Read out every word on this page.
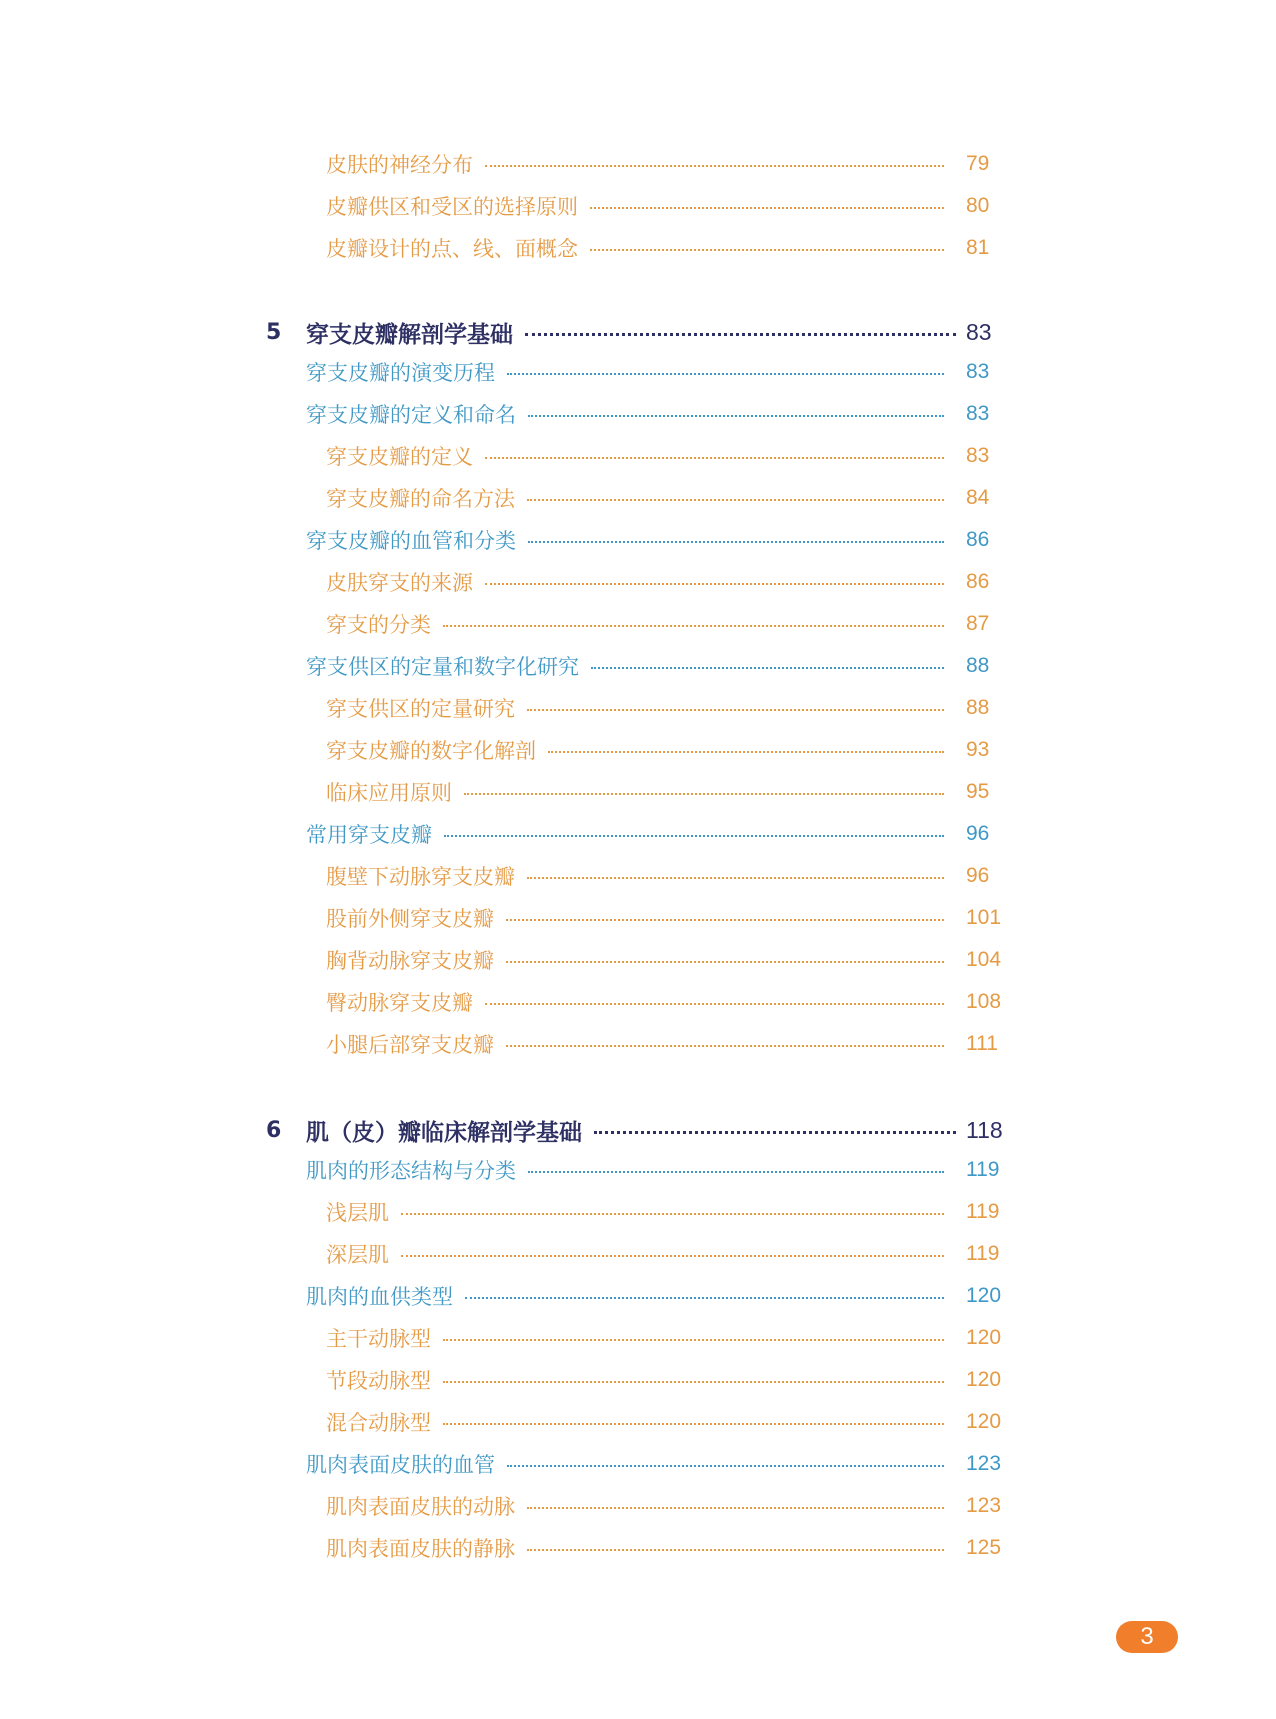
皮肤的神经分布	79
皮瓣供区和受区的选择原则	80
皮瓣设计的点、线、面概念	81
5	穿支皮瓣解剖学基础	83
穿支皮瓣的演变历程	83
穿支皮瓣的定义和命名	83
穿支皮瓣的定义	83
穿支皮瓣的命名方法	84
穿支皮瓣的血管和分类	86
皮肤穿支的来源	86
穿支的分类	87
穿支供区的定量和数字化研究	88
穿支供区的定量研究	88
穿支皮瓣的数字化解剖	93
临床应用原则	95
常用穿支皮瓣	96
腹壁下动脉穿支皮瓣	96
股前外侧穿支皮瓣	101
胸背动脉穿支皮瓣	104
臀动脉穿支皮瓣	108
小腿后部穿支皮瓣	111
6	肌（皮）瓣临床解剖学基础	118
肌肉的形态结构与分类	119
浅层肌	119
深层肌	119
肌肉的血供类型	120
主干动脉型	120
节段动脉型	120
混合动脉型	120
肌肉表面皮肤的血管	123
肌肉表面皮肤的动脉	123
肌肉表面皮肤的静脉	125
3
